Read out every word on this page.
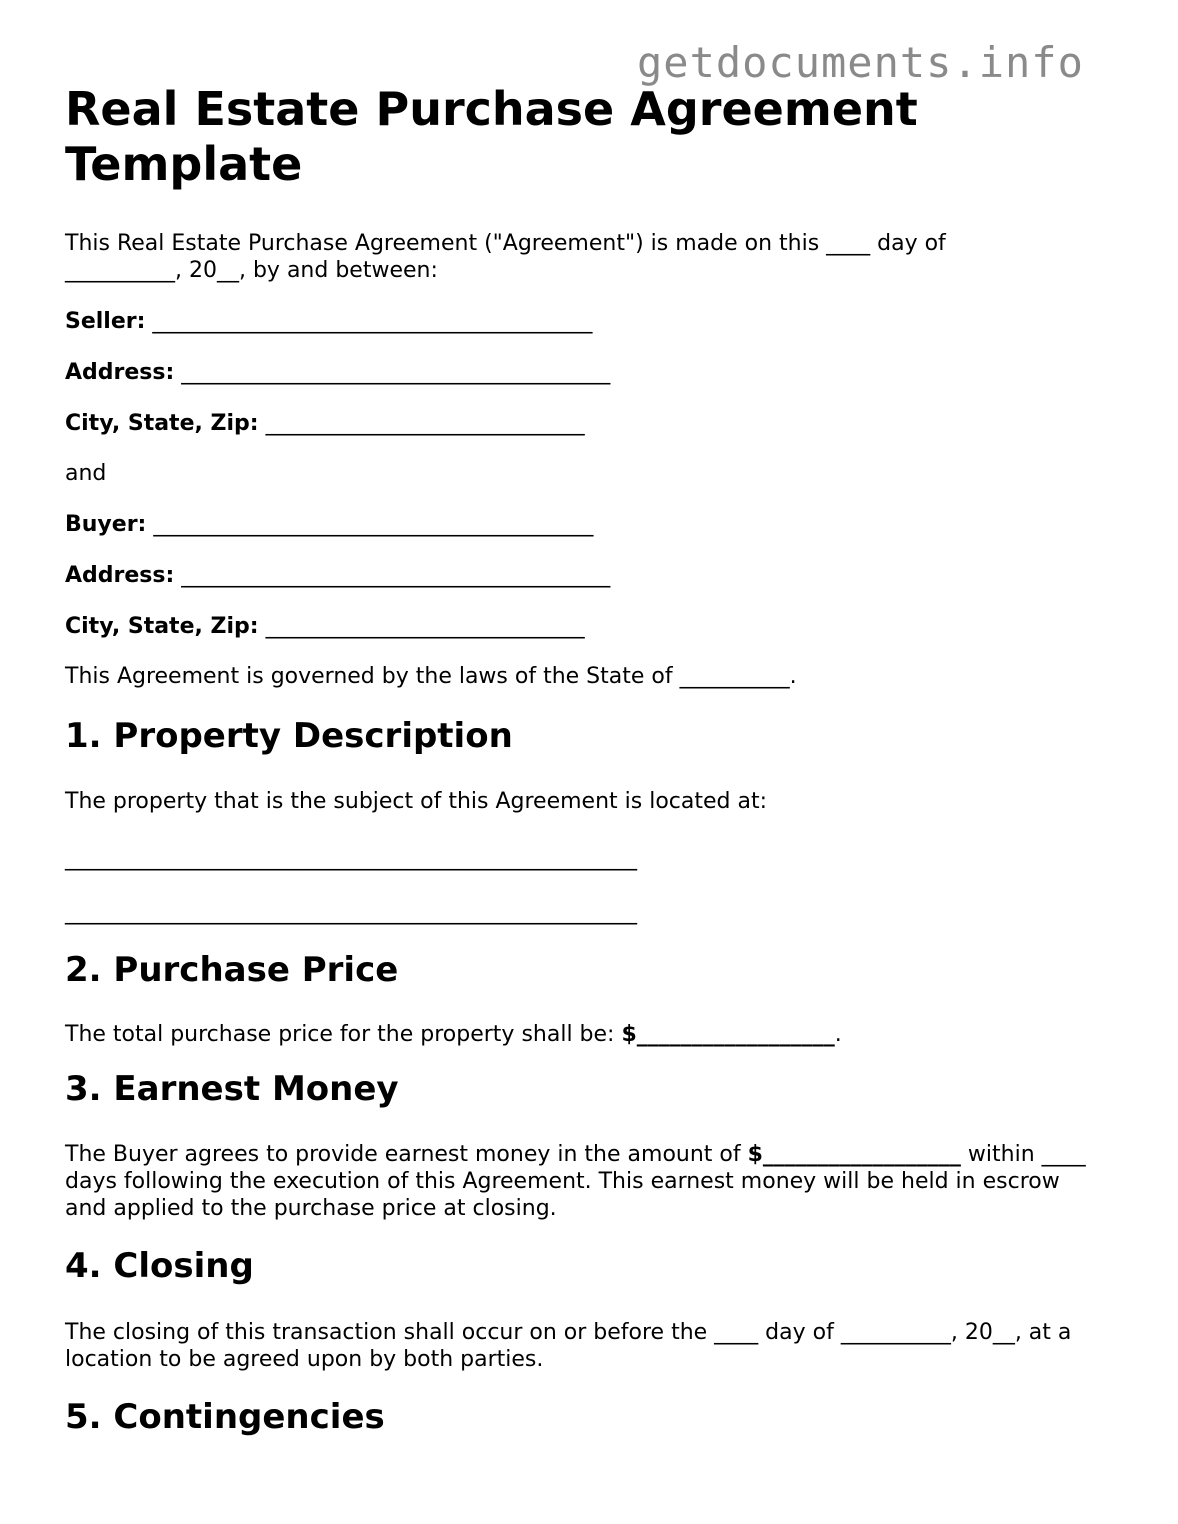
getdocuments.info
Real Estate Purchase Agreement Template

This Real Estate Purchase Agreement ("Agreement") is made on this ____ day of __________, 20__, by and between:

Seller: ________________________________________
Address: _______________________________________
City, State, Zip: _____________________________

and

Buyer: ________________________________________
Address: _______________________________________
City, State, Zip: _____________________________

This Agreement is governed by the laws of the State of __________.

1. Property Description

The property that is the subject of this Agreement is located at:

____________________________________________________
____________________________________________________
2. Purchase Price

The total purchase price for the property shall be: $__________________.

3. Earnest Money

The Buyer agrees to provide earnest money in the amount of $__________________ within ____ days following the execution of this Agreement. This earnest money will be held in escrow and applied to the purchase price at closing.

4. Closing

The closing of this transaction shall occur on or before the ____ day of __________, 20__, at a location to be agreed upon by both parties.

5. Contingencies
